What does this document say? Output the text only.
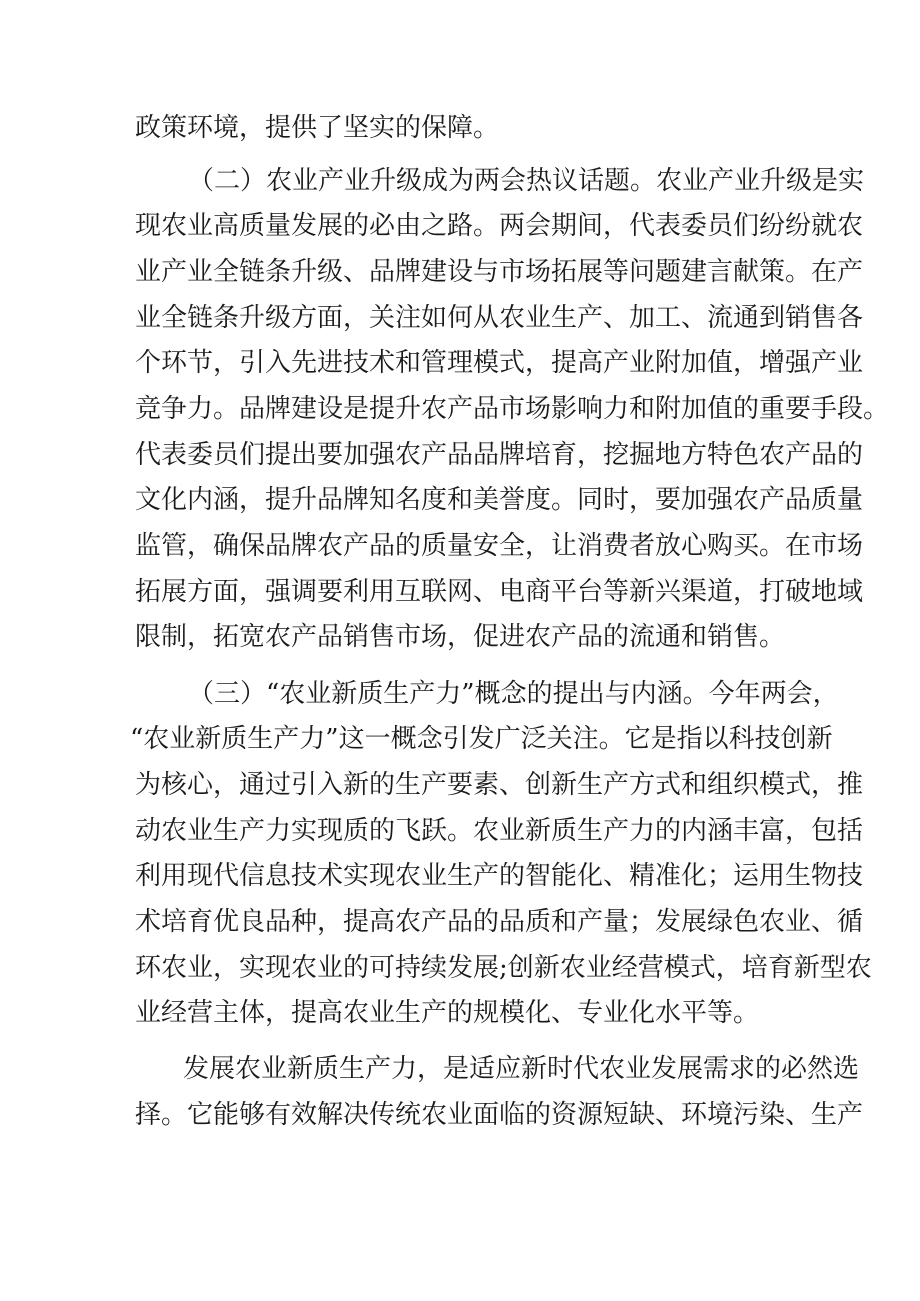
政策环境，提供了坚实的保障。
（二）农业产业升级成为两会热议话题。农业产业升级是实
现农业高质量发展的必由之路。两会期间，代表委员们纷纷就农
业产业全链条升级、品牌建设与市场拓展等问题建言献策。在产
业全链条升级方面，关注如何从农业生产、加工、流通到销售各
个环节，引入先进技术和管理模式，提高产业附加值，增强产业
竞争力。品牌建设是提升农产品市场影响力和附加值的重要手段。
代表委员们提出要加强农产品品牌培育，挖掘地方特色农产品的
文化内涵，提升品牌知名度和美誉度。同时，要加强农产品质量
监管，确保品牌农产品的质量安全，让消费者放心购买。在市场
拓展方面，强调要利用互联网、电商平台等新兴渠道，打破地域
限制，拓宽农产品销售市场，促进农产品的流通和销售。
（三）“农业新质生产力”概念的提出与内涵。今年两会，
“农业新质生产力”这一概念引发广泛关注。它是指以科技创新
为核心，通过引入新的生产要素、创新生产方式和组织模式，推
动农业生产力实现质的飞跃。农业新质生产力的内涵丰富，包括
利用现代信息技术实现农业生产的智能化、精准化；运用生物技
术培育优良品种，提高农产品的品质和产量；发展绿色农业、循
环农业，实现农业的可持续发展;创新农业经营模式，培育新型农
业经营主体，提高农业生产的规模化、专业化水平等。
发展农业新质生产力，是适应新时代农业发展需求的必然选
择。它能够有效解决传统农业面临的资源短缺、环境污染、生产
